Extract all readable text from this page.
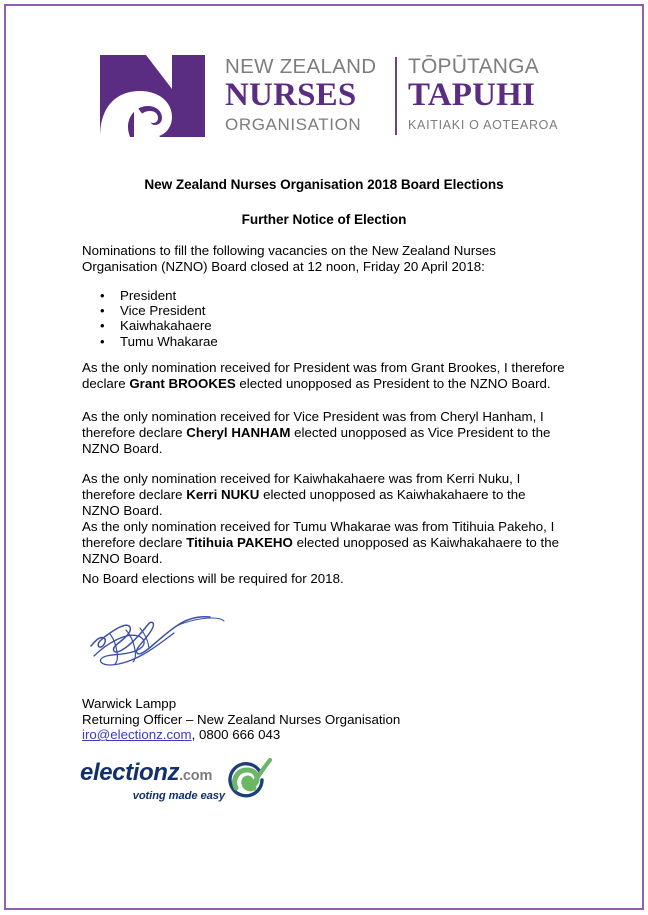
NEW ZEALAND
NURSES
ORGANISATION
TŌPŪTANGA
TAPUHI
KAITIAKI O AOTEAROA
New Zealand Nurses Organisation 2018 Board Elections
Further Notice of Election
Nominations to fill the following vacancies on the New Zealand Nurses Organisation (NZNO) Board closed at 12 noon, Friday 20 April 2018:
• President
• Vice President
• Kaiwhakahaere
• Tumu Whakarae
As the only nomination received for President was from Grant Brookes, I therefore declare Grant BROOKES elected unopposed as President to the NZNO Board.
As the only nomination received for Vice President was from Cheryl Hanham, I therefore declare Cheryl HANHAM elected unopposed as Vice President to the NZNO Board.
As the only nomination received for Kaiwhakahaere was from Kerri Nuku, I therefore declare Kerri NUKU elected unopposed as Kaiwhakahaere to the NZNO Board.
As the only nomination received for Tumu Whakarae was from Titihuia Pakeho, I therefore declare Titihuia PAKEHO elected unopposed as Kaiwhakahaere to the NZNO Board.
No Board elections will be required for 2018.
Warwick Lampp
Returning Officer – New Zealand Nurses Organisation
iro@electionz.com, 0800 666 043
electionz.com
voting made easy
